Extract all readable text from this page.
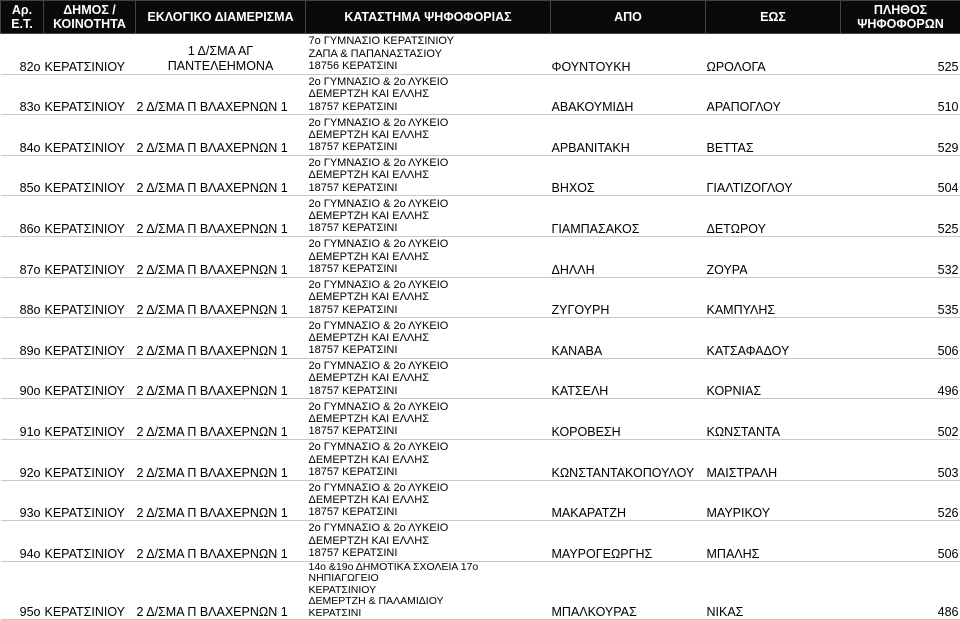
Αρ. Ε.Τ.	ΔΗΜΟΣ / ΚΟΙΝΟΤΗΤΑ	ΕΚΛΟΓΙΚΟ ΔΙΑΜΕΡΙΣΜΑ	ΚΑΤΑΣΤΗΜΑ ΨΗΦΟΦΟΡΙΑΣ	ΑΠΟ	ΕΩΣ	ΠΛΗΘΟΣ ΨΗΦΟΦΟΡΩΝ
82ο	ΚΕΡΑΤΣΙΝΙΟΥ	1 Δ/ΣΜΑ ΑΓ ΠΑΝΤΕΛΕΗΜΟΝΑ	7ο ΓΥΜΝΑΣΙΟ ΚΕΡΑΤΣΙΝΙΟΥ
ΖΑΠΑ & ΠΑΠΑΝΑΣΤΑΣΙΟΥ
18756 ΚΕΡΑΤΣΙΝΙ	ΦΟΥΝΤΟΥΚΗ	ΩΡΟΛΟΓΑ	525
83ο	ΚΕΡΑΤΣΙΝΙΟΥ	2 Δ/ΣΜΑ Π ΒΛΑΧΕΡΝΩΝ 1	2ο ΓΥΜΝΑΣΙΟ & 2ο ΛΥΚΕΙΟ
ΔΕΜΕΡΤΖΗ ΚΑΙ ΕΛΛΗΣ
18757 ΚΕΡΑΤΣΙΝΙ	ΑΒΑΚΟΥΜΙΔΗ	ΑΡΑΠΟΓΛΟΥ	510
84ο	ΚΕΡΑΤΣΙΝΙΟΥ	2 Δ/ΣΜΑ Π ΒΛΑΧΕΡΝΩΝ 1	2ο ΓΥΜΝΑΣΙΟ & 2ο ΛΥΚΕΙΟ
ΔΕΜΕΡΤΖΗ ΚΑΙ ΕΛΛΗΣ
18757 ΚΕΡΑΤΣΙΝΙ	ΑΡΒΑΝΙΤΑΚΗ	ΒΕΤΤΑΣ	529
85ο	ΚΕΡΑΤΣΙΝΙΟΥ	2 Δ/ΣΜΑ Π ΒΛΑΧΕΡΝΩΝ 1	2ο ΓΥΜΝΑΣΙΟ & 2ο ΛΥΚΕΙΟ
ΔΕΜΕΡΤΖΗ ΚΑΙ ΕΛΛΗΣ
18757 ΚΕΡΑΤΣΙΝΙ	ΒΗΧΟΣ	ΓΙΑΛΤΙΖΟΓΛΟΥ	504
86ο	ΚΕΡΑΤΣΙΝΙΟΥ	2 Δ/ΣΜΑ Π ΒΛΑΧΕΡΝΩΝ 1	2ο ΓΥΜΝΑΣΙΟ & 2ο ΛΥΚΕΙΟ
ΔΕΜΕΡΤΖΗ ΚΑΙ ΕΛΛΗΣ
18757 ΚΕΡΑΤΣΙΝΙ	ΓΙΑΜΠΑΣΑΚΟΣ	ΔΕΤΩΡΟΥ	525
87ο	ΚΕΡΑΤΣΙΝΙΟΥ	2 Δ/ΣΜΑ Π ΒΛΑΧΕΡΝΩΝ 1	2ο ΓΥΜΝΑΣΙΟ & 2ο ΛΥΚΕΙΟ
ΔΕΜΕΡΤΖΗ ΚΑΙ ΕΛΛΗΣ
18757 ΚΕΡΑΤΣΙΝΙ	ΔΗΛΛΗ	ΖΟΥΡΑ	532
88ο	ΚΕΡΑΤΣΙΝΙΟΥ	2 Δ/ΣΜΑ Π ΒΛΑΧΕΡΝΩΝ 1	2ο ΓΥΜΝΑΣΙΟ & 2ο ΛΥΚΕΙΟ
ΔΕΜΕΡΤΖΗ ΚΑΙ ΕΛΛΗΣ
18757 ΚΕΡΑΤΣΙΝΙ	ΖΥΓΟΥΡΗ	ΚΑΜΠΥΛΗΣ	535
89ο	ΚΕΡΑΤΣΙΝΙΟΥ	2 Δ/ΣΜΑ Π ΒΛΑΧΕΡΝΩΝ 1	2ο ΓΥΜΝΑΣΙΟ & 2ο ΛΥΚΕΙΟ
ΔΕΜΕΡΤΖΗ ΚΑΙ ΕΛΛΗΣ
18757 ΚΕΡΑΤΣΙΝΙ	ΚΑΝΑΒΑ	ΚΑΤΣΑΦΑΔΟΥ	506
90ο	ΚΕΡΑΤΣΙΝΙΟΥ	2 Δ/ΣΜΑ Π ΒΛΑΧΕΡΝΩΝ 1	2ο ΓΥΜΝΑΣΙΟ & 2ο ΛΥΚΕΙΟ
ΔΕΜΕΡΤΖΗ ΚΑΙ ΕΛΛΗΣ
18757 ΚΕΡΑΤΣΙΝΙ	ΚΑΤΣΕΛΗ	ΚΟΡΝΙΑΣ	496
91ο	ΚΕΡΑΤΣΙΝΙΟΥ	2 Δ/ΣΜΑ Π ΒΛΑΧΕΡΝΩΝ 1	2ο ΓΥΜΝΑΣΙΟ & 2ο ΛΥΚΕΙΟ
ΔΕΜΕΡΤΖΗ ΚΑΙ ΕΛΛΗΣ
18757 ΚΕΡΑΤΣΙΝΙ	ΚΟΡΟΒΕΣΗ	ΚΩΝΣΤΑΝΤΑ	502
92ο	ΚΕΡΑΤΣΙΝΙΟΥ	2 Δ/ΣΜΑ Π ΒΛΑΧΕΡΝΩΝ 1	2ο ΓΥΜΝΑΣΙΟ & 2ο ΛΥΚΕΙΟ
ΔΕΜΕΡΤΖΗ ΚΑΙ ΕΛΛΗΣ
18757 ΚΕΡΑΤΣΙΝΙ	ΚΩΝΣΤΑΝΤΑΚΟΠΟΥΛΟΥ	ΜΑΙΣΤΡΑΛΗ	503
93ο	ΚΕΡΑΤΣΙΝΙΟΥ	2 Δ/ΣΜΑ Π ΒΛΑΧΕΡΝΩΝ 1	2ο ΓΥΜΝΑΣΙΟ & 2ο ΛΥΚΕΙΟ
ΔΕΜΕΡΤΖΗ ΚΑΙ ΕΛΛΗΣ
18757 ΚΕΡΑΤΣΙΝΙ	ΜΑΚΑΡΑΤΖΗ	ΜΑΥΡΙΚΟΥ	526
94ο	ΚΕΡΑΤΣΙΝΙΟΥ	2 Δ/ΣΜΑ Π ΒΛΑΧΕΡΝΩΝ 1	2ο ΓΥΜΝΑΣΙΟ & 2ο ΛΥΚΕΙΟ
ΔΕΜΕΡΤΖΗ ΚΑΙ ΕΛΛΗΣ
18757 ΚΕΡΑΤΣΙΝΙ	ΜΑΥΡΟΓΕΩΡΓΗΣ	ΜΠΑΛΗΣ	506
95ο	ΚΕΡΑΤΣΙΝΙΟΥ	2 Δ/ΣΜΑ Π ΒΛΑΧΕΡΝΩΝ 1	14ο &19ο ΔΗΜΟΤΙΚΑ ΣΧΟΛΕΙΑ 17ο ΝΗΠΙΑΓΩΓΕΙΟ
ΚΕΡΑΤΣΙΝΙΟΥ
ΔΕΜΕΡΤΖΗ & ΠΑΛΑΜΙΔΙΟΥ
ΚΕΡΑΤΣΙΝΙ	ΜΠΑΛΚΟΥΡΑΣ	ΝΙΚΑΣ	486
